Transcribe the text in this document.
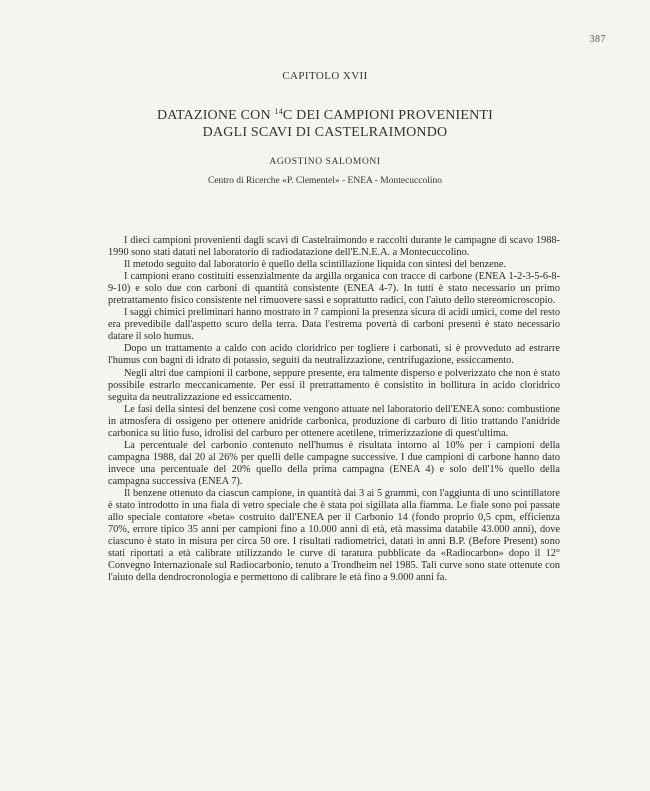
387
CAPITOLO XVII
DATAZIONE CON $^{14}$C DEI CAMPIONI PROVENIENTI
DAGLI SCAVI DI CASTELRAIMONDO
AGOSTINO SALOMONI
Centro di Ricerche «P. Clementel» - ENEA - Montecuccolino

I dieci campioni provenienti dagli scavi di Castelraimondo e raccolti durante le campagne di scavo 1988-1990 sono stati datati nel laboratorio di radiodatazione dell'E.N.E.A. a Montecuccolino.

Il metodo seguito dal laboratorio è quello della scintillazione liquida con sintesi del benzene.

I campioni erano costituiti essenzialmente da argilla organica con tracce di carbone (ENEA 1-2-3-5-6-8-9-10) e solo due con carboni di quantità consistente (ENEA 4-7). In tutti è stato necessario un primo pretrattamento fisico consistente nel rimuovere sassi e soprattutto radici, con l'aiuto dello stereomicroscopio.

I saggi chimici preliminari hanno mostrato in 7 campioni la presenza sicura di acidi umici, come del resto era prevedibile dall'aspetto scuro della terra. Data l'estrema povertà di carboni presenti è stato necessario datare il solo humus.

Dopo un trattamento a caldo con acido cloridrico per togliere i carbonati, si è provveduto ad estrarre l'humus con bagni di idrato di potassio, seguiti da neutralizzazione, centrifugazione, essiccamento.

Negli altri due campioni il carbone, seppure presente, era talmente disperso e polverizzato che non è stato possibile estrarlo meccanicamente. Per essi il pretrattamento è consistito in bollitura in acido cloridrico seguita da neutralizzazione ed essiccamento.

Le fasi della sintesi del benzene così come vengono attuate nel laboratorio dell'ENEA sono: combustione in atmosfera di ossigeno per ottenere anidride carbonica, produzione di carburo di litio trattando l'anidride carbonica su litio fuso, idrolisi del carburo per ottenere acetilene, trimerizzazione di quest'ultima.

La percentuale del carbonio contenuto nell'humus è risultata intorno al 10% per i campioni della campagna 1988, dal 20 al 26% per quelli delle campagne successive. I due campioni di carbone hanno dato invece una percentuale del 20% quello della prima campagna (ENEA 4) e solo dell'1% quello della campagna successiva (ENEA 7).

Il benzene ottenuto da ciascun campione, in quantità dai 3 ai 5 grammi, con l'aggiunta di uno scintillatore è stato introdotto in una fiala di vetro speciale che è stata poi sigillata alla fiamma. Le fiale sono poi passate allo speciale contatore «beta» costruito dall'ENEA per il Carbonio 14 (fondo proprio 0,5 cpm, efficienza 70%, errore tipico 35 anni per campioni fino a 10.000 anni di età, età massima databile 43.000 anni), dove ciascuno è stato in misura per circa 50 ore. I risultati radiometrici, datati in anni B.P. (Before Present) sono stati riportati a età calibrate utilizzando le curve di taratura pubblicate da «Radiocarbon» dopo il 12° Convegno Internazionale sul Radiocarbonio, tenuto a Trondheim nel 1985. Tali curve sono state ottenute con l'aiuto della dendrocronologia e permettono di calibrare le età fino a 9.000 anni fa.
